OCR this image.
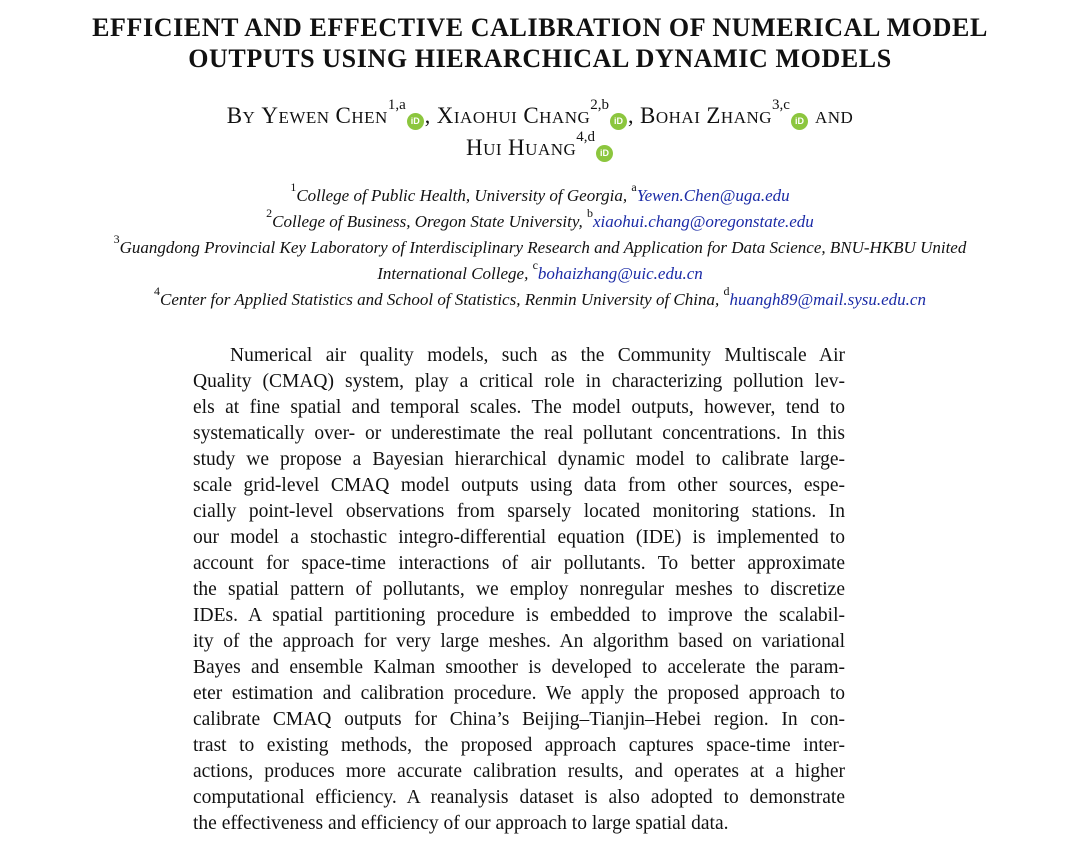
EFFICIENT AND EFFECTIVE CALIBRATION OF NUMERICAL MODEL
OUTPUTS USING HIERARCHICAL DYNAMIC MODELS
BY YEWEN CHEN$^{1,a}$iD , XIAOHUI CHANG$^{2,b}$iD , BOHAI ZHANG$^{3,c}$iD AND
HUI HUANG$^{4,d}$iD
$^1$College of Public Health, University of Georgia, $^a$Yewen.Chen@uga.edu
$^2$College of Business, Oregon State University, $^b$xiaohui.chang@oregonstate.edu
$^3$Guangdong Provincial Key Laboratory of Interdisciplinary Research and Application for Data Science, BNU-HKBU United
International College, $^c$bohaizhang@uic.edu.cn
$^4$Center for Applied Statistics and School of Statistics, Renmin University of China, $^d$huangh89@mail.sysu.edu.cn
Numerical air quality models, such as the Community Multiscale Air
Quality (CMAQ) system, play a critical role in characterizing pollution lev-
els at fine spatial and temporal scales. The model outputs, however, tend to
systematically over- or underestimate the real pollutant concentrations. In this
study we propose a Bayesian hierarchical dynamic model to calibrate large-
scale grid-level CMAQ model outputs using data from other sources, espe-
cially point-level observations from sparsely located monitoring stations. In
our model a stochastic integro-differential equation (IDE) is implemented to
account for space-time interactions of air pollutants. To better approximate
the spatial pattern of pollutants, we employ nonregular meshes to discretize
IDEs. A spatial partitioning procedure is embedded to improve the scalabil-
ity of the approach for very large meshes. An algorithm based on variational
Bayes and ensemble Kalman smoother is developed to accelerate the param-
eter estimation and calibration procedure. We apply the proposed approach to
calibrate CMAQ outputs for China’s Beijing–Tianjin–Hebei region. In con-
trast to existing methods, the proposed approach captures space-time inter-
actions, produces more accurate calibration results, and operates at a higher
computational efficiency. A reanalysis dataset is also adopted to demonstrate
the effectiveness and efficiency of our approach to large spatial data.
